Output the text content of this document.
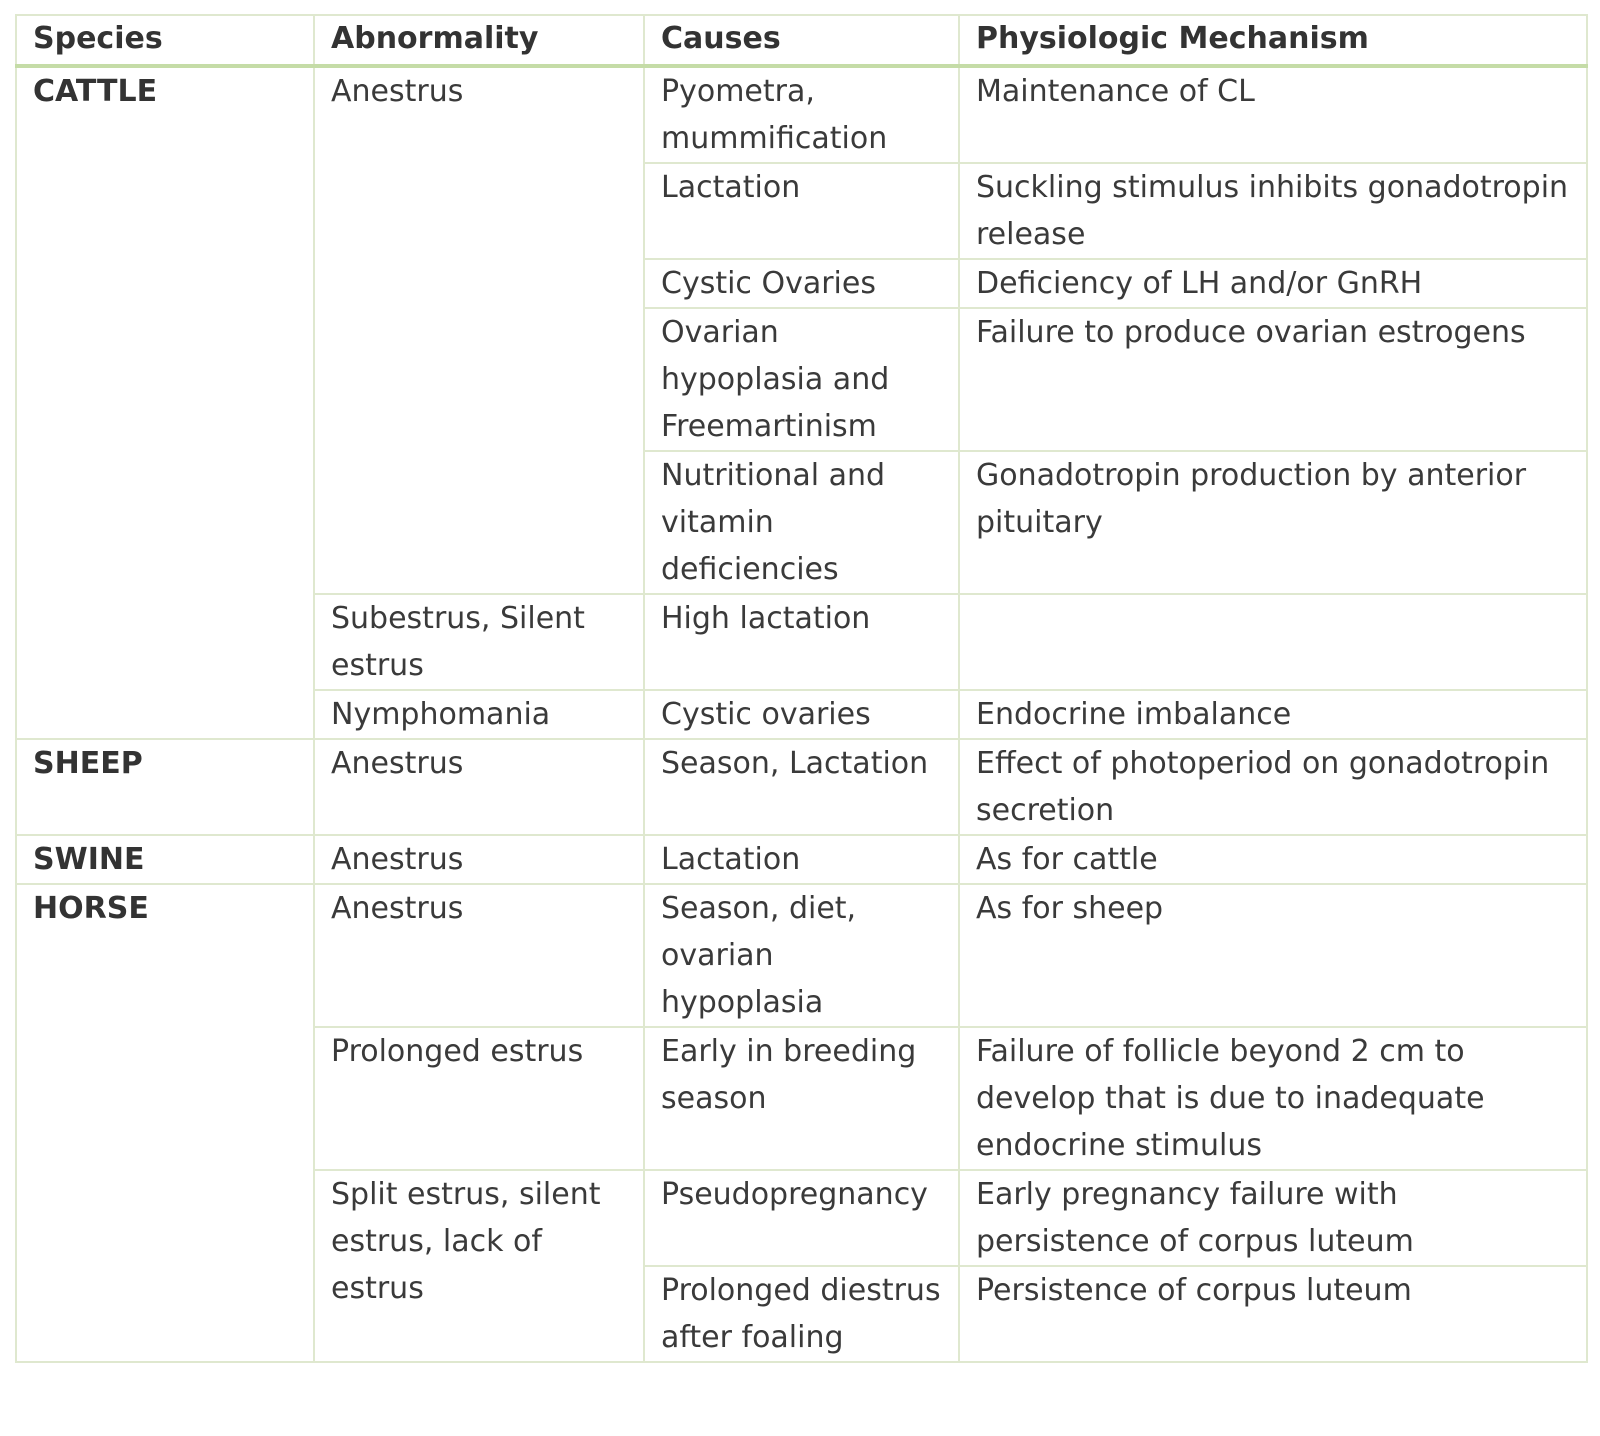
Species	Abnormality	Causes	Physiologic Mechanism
CATTLE	Anestrus	Pyometra, mummification	Maintenance of CL
		Lactation	Suckling stimulus inhibits gonadotropin release
		Cystic Ovaries	Deficiency of LH and/or GnRH
		Ovarian hypoplasia and Freemartinism	Failure to produce ovarian estrogens
		Nutritional and vitamin deficiencies	Gonadotropin production by anterior pituitary
	Subestrus, Silent estrus	High lactation	
	Nymphomania	Cystic ovaries	Endocrine imbalance
SHEEP	Anestrus	Season, Lactation	Effect of photoperiod on gonadotropin secretion
SWINE	Anestrus	Lactation	As for cattle
HORSE	Anestrus	Season, diet, ovarian hypoplasia	As for sheep
	Prolonged estrus	Early in breeding season	Failure of follicle beyond 2 cm to develop that is due to inadequate endocrine stimulus
	Split estrus, silent estrus, lack of estrus	Pseudopregnancy	Early pregnancy failure with persistence of corpus luteum
		Prolonged diestrus after foaling	Persistence of corpus luteum
